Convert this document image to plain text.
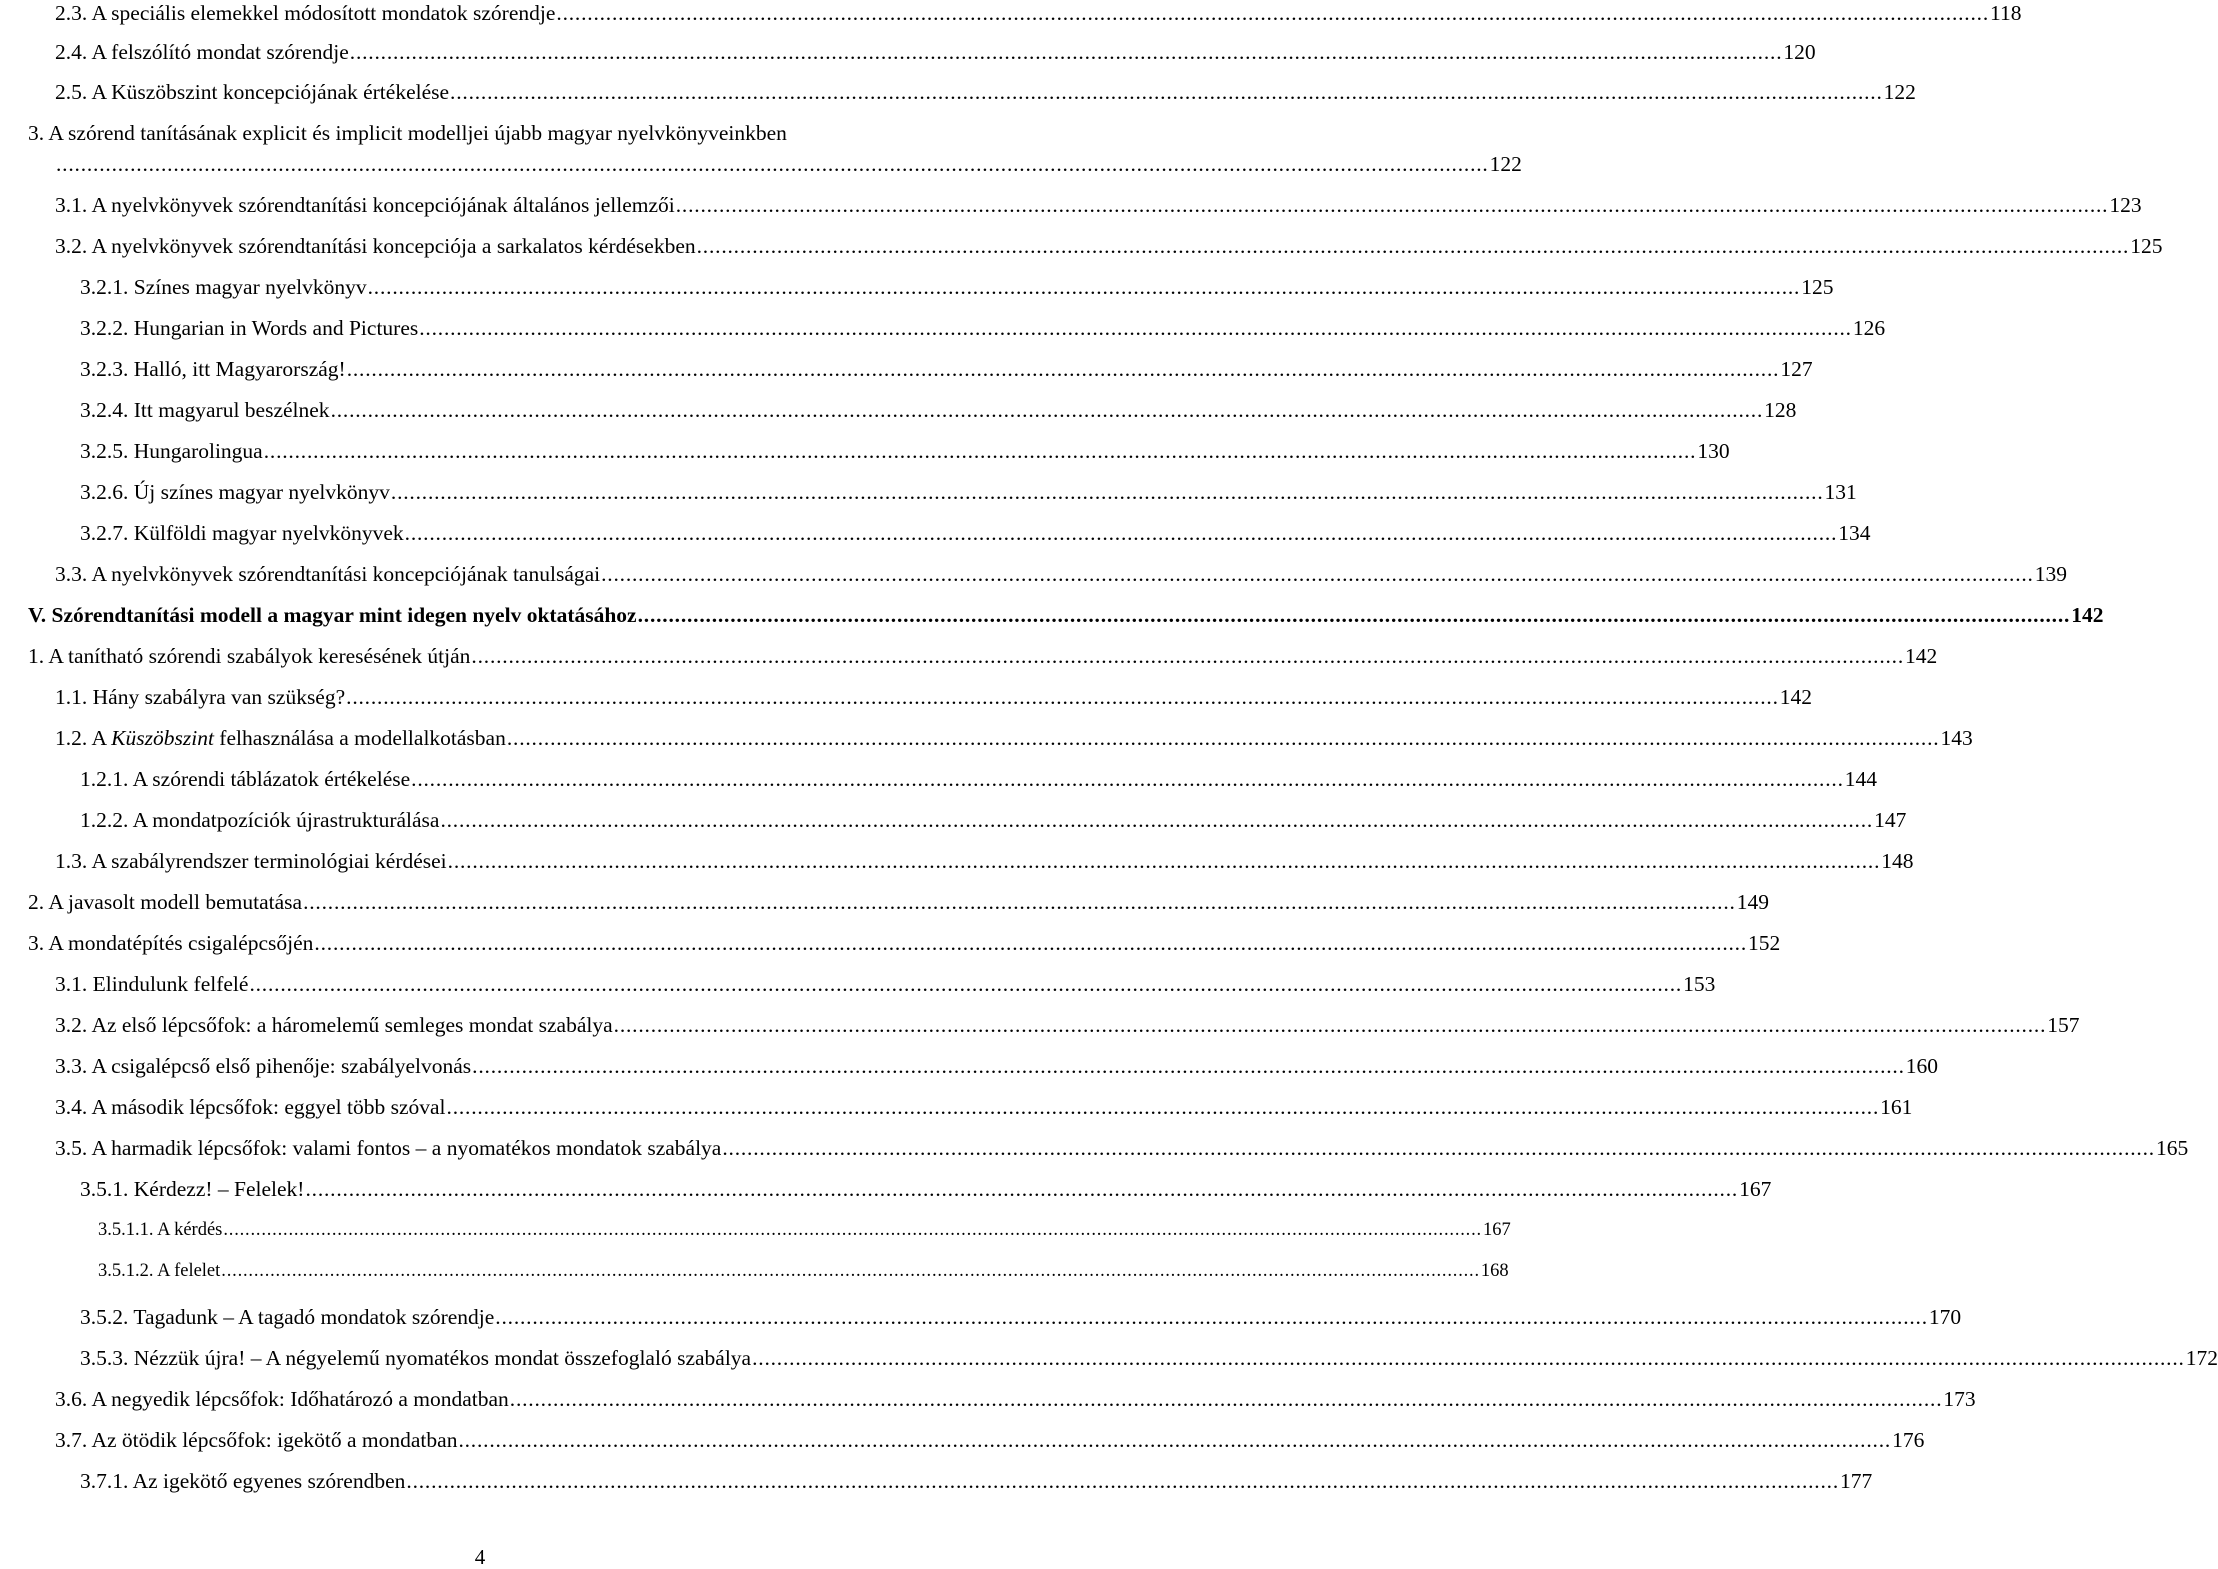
2.3. A speciális elemekkel módosított mondatok szórendje ........................................................................................................................................................................................................................................ 118
2.4. A felszólító mondat szórendje ........................................................................................................................................................................................................................................ 120
2.5. A Küszöbszint koncepciójának értékelése ........................................................................................................................................................................................................................................ 122
3. A szórend tanításának explicit és implicit modelljei újabb magyar nyelvkönyveinkben
........................................................................................................................................................................................................................................ 122
3.1. A nyelvkönyvek szórendtanítási koncepciójának általános jellemzői ........................................................................................................................................................................................................................................ 123
3.2. A nyelvkönyvek szórendtanítási koncepciója a sarkalatos kérdésekben ........................................................................................................................................................................................................................................ 125
3.2.1. Színes magyar nyelvkönyv ........................................................................................................................................................................................................................................ 125
3.2.2. Hungarian in Words and Pictures ........................................................................................................................................................................................................................................ 126
3.2.3. Halló, itt Magyarország! ........................................................................................................................................................................................................................................ 127
3.2.4. Itt magyarul beszélnek ........................................................................................................................................................................................................................................ 128
3.2.5. Hungarolingua ........................................................................................................................................................................................................................................ 130
3.2.6. Új színes magyar nyelvkönyv ........................................................................................................................................................................................................................................ 131
3.2.7. Külföldi magyar nyelvkönyvek ........................................................................................................................................................................................................................................ 134
3.3. A nyelvkönyvek szórendtanítási koncepciójának tanulságai ........................................................................................................................................................................................................................................ 139
V. Szórendtanítási modell a magyar mint idegen nyelv oktatásához ........................................................................................................................................................................................................................................ 142
1. A tanítható szórendi szabályok keresésének útján ........................................................................................................................................................................................................................................ 142
1.1. Hány szabályra van szükség? ........................................................................................................................................................................................................................................ 142
1.2. A Küszöbszint felhasználása a modellalkotásban ........................................................................................................................................................................................................................................ 143
1.2.1. A szórendi táblázatok értékelése ........................................................................................................................................................................................................................................ 144
1.2.2. A mondatpozíciók újrastrukturálása ........................................................................................................................................................................................................................................ 147
1.3. A szabályrendszer terminológiai kérdései ........................................................................................................................................................................................................................................ 148
2. A javasolt modell bemutatása ........................................................................................................................................................................................................................................ 149
3. A mondatépítés csigalépcsőjén ........................................................................................................................................................................................................................................ 152
3.1. Elindulunk felfelé ........................................................................................................................................................................................................................................ 153
3.2. Az első lépcsőfok: a háromelemű semleges mondat szabálya ........................................................................................................................................................................................................................................ 157
3.3. A csigalépcső első pihenője: szabályelvonás ........................................................................................................................................................................................................................................ 160
3.4. A második lépcsőfok: eggyel több szóval ........................................................................................................................................................................................................................................ 161
3.5. A harmadik lépcsőfok: valami fontos – a nyomatékos mondatok szabálya ........................................................................................................................................................................................................................................ 165
3.5.1. Kérdezz! – Felelek! ........................................................................................................................................................................................................................................ 167
3.5.1.1. A kérdés ........................................................................................................................................................................................................................................ 167
3.5.1.2. A felelet ........................................................................................................................................................................................................................................ 168
3.5.2. Tagadunk – A tagadó mondatok szórendje ........................................................................................................................................................................................................................................ 170
3.5.3. Nézzük újra! – A négyelemű nyomatékos mondat összefoglaló szabálya ........................................................................................................................................................................................................................................ 172
3.6. A negyedik lépcsőfok: Időhatározó a mondatban ........................................................................................................................................................................................................................................ 173
3.7. Az ötödik lépcsőfok: igekötő a mondatban ........................................................................................................................................................................................................................................ 176
3.7.1. Az igekötő egyenes szórendben ........................................................................................................................................................................................................................................ 177
4
